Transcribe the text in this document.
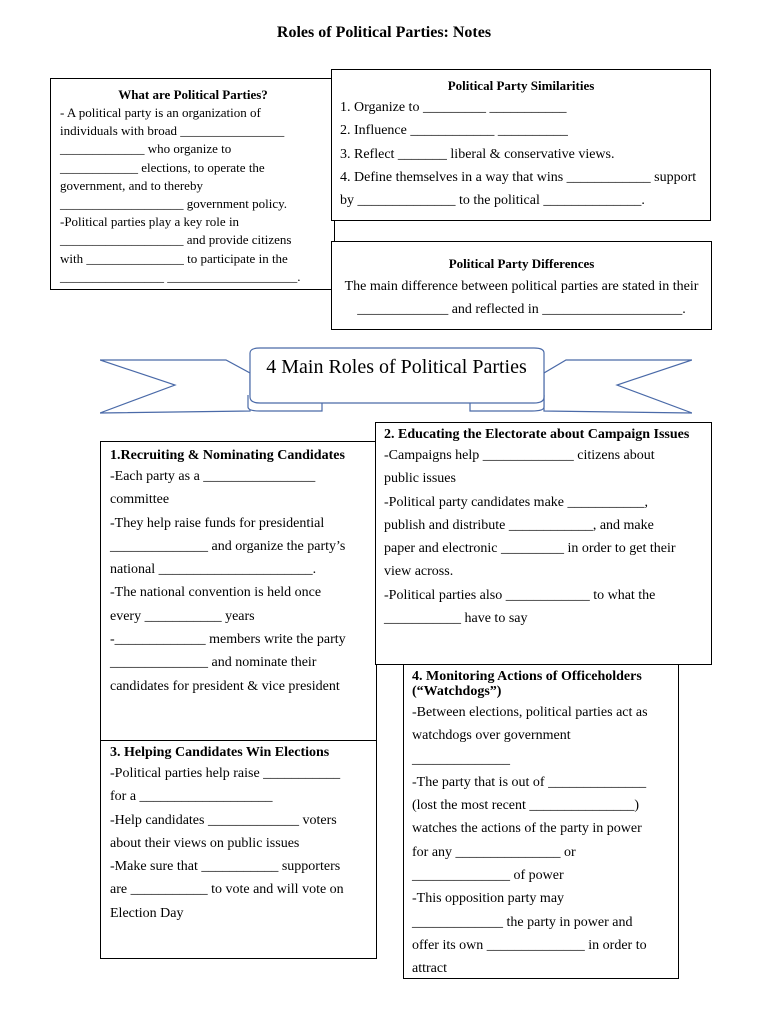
Roles of Political Parties: Notes
What are Political Parties?
- A political party is an organization of
individuals with broad ________________
_____________ who organize to
____________ elections, to operate the
government, and to thereby
___________________ government policy.
-Political parties play a key role in
___________________ and provide citizens
with _______________ to participate in the
________________ ____________________.
Political Party Similarities
1. Organize to _________ ___________
2. Influence ____________ __________
3. Reflect _______ liberal & conservative views.
4. Define themselves in a way that wins ____________ support
by ______________ to the political ______________.
Political Party Differences
The main difference between political parties are stated in their
_____________ and reflected in ____________________.
4 Main Roles of Political Parties
1.Recruiting & Nominating Candidates
-Each party as a ________________
committee
-They help raise funds for presidential
______________ and organize the party’s
national ______________________.
-The national convention is held once
every ___________ years
-_____________ members write the party
______________ and nominate their
candidates for president & vice president
3. Helping Candidates Win Elections
-Political parties help raise ___________
for a ___________________
-Help candidates _____________ voters
about their views on public issues
-Make sure that ___________ supporters
are ___________ to vote and will vote on
Election Day
2. Educating the Electorate about Campaign Issues
-Campaigns help _____________ citizens about
public issues
-Political party candidates make ___________,
publish and distribute ____________, and make
paper and electronic _________ in order to get their
view across.
-Political parties also ____________ to what the
___________ have to say
4. Monitoring Actions of Officeholders (“Watchdogs”)
-Between elections, political parties act as
watchdogs over government
______________
-The party that is out of ______________
(lost the most recent _______________)
watches the actions of the party in power
for any _______________ or
______________ of power
-This opposition party may
_____________ the party in power and
offer its own ______________ in order to
attract
